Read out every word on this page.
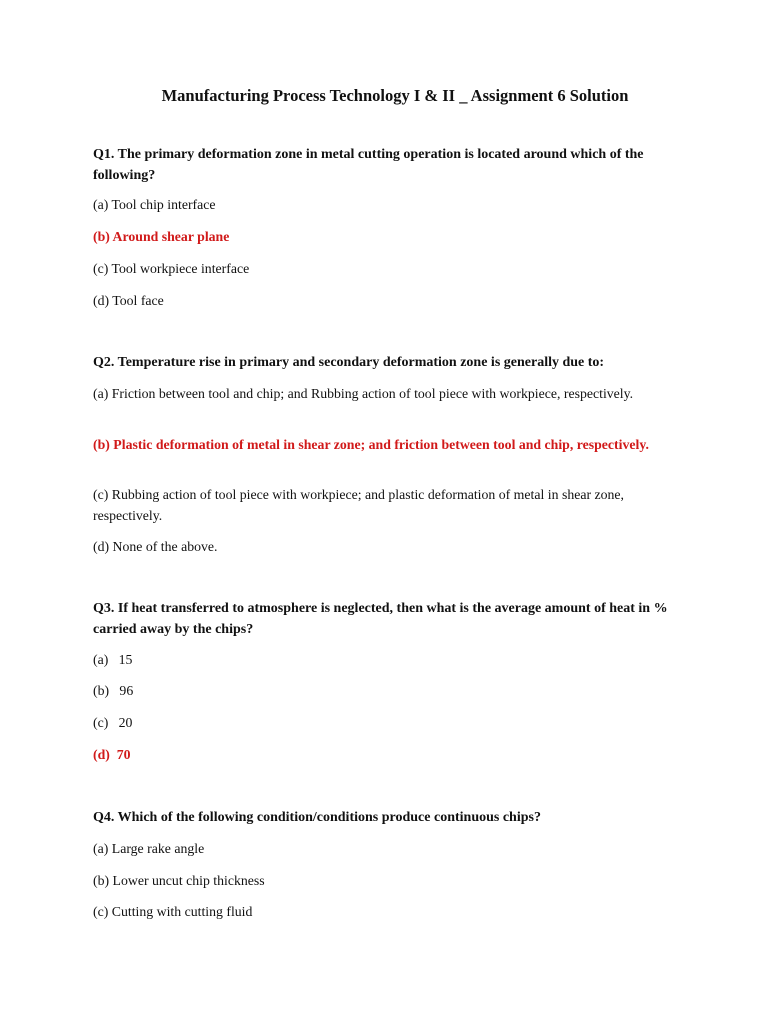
Manufacturing Process Technology I & II _ Assignment 6 Solution
Q1. The primary deformation zone in metal cutting operation is located around which of the following?
(a) Tool chip interface
(b) Around shear plane
(c) Tool workpiece interface
(d) Tool face
Q2. Temperature rise in primary and secondary deformation zone is generally due to:
(a) Friction between tool and chip; and Rubbing action of tool piece with workpiece, respectively.
(b) Plastic deformation of metal in shear zone; and friction between tool and chip, respectively.
(c) Rubbing action of tool piece with workpiece; and plastic deformation of metal in shear zone, respectively.
(d) None of the above.
Q3. If heat transferred to atmosphere is neglected, then what is the average amount of heat in % carried away by the chips?
(a)   15
(b)   96
(c)   20
(d)  70
Q4. Which of the following condition/conditions produce continuous chips?
(a) Large rake angle
(b) Lower uncut chip thickness
(c) Cutting with cutting fluid
